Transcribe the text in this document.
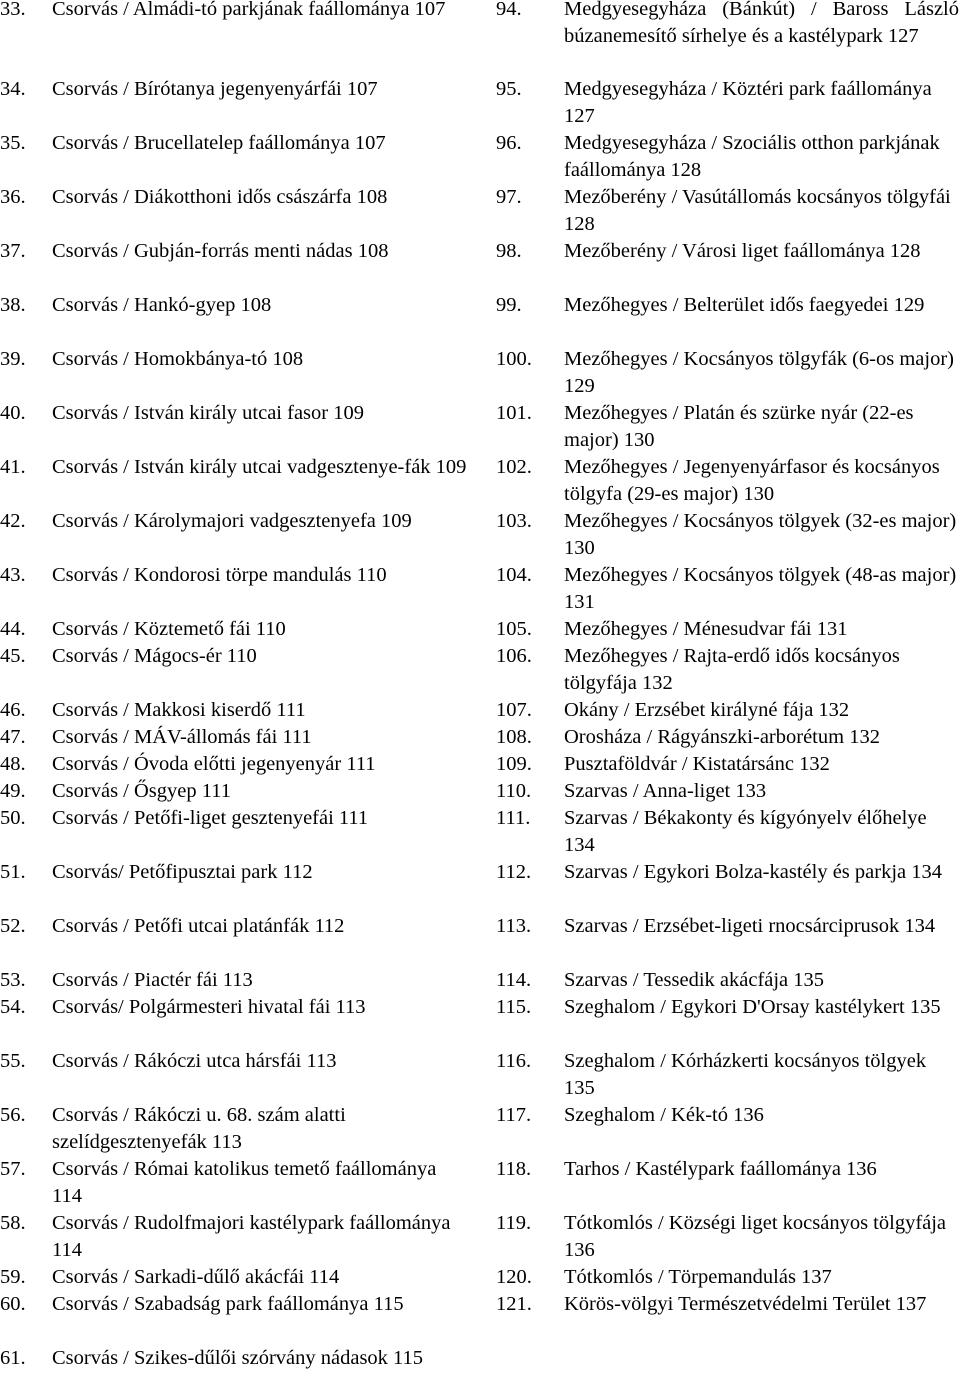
33. Csorvás / Almádi-tó parkjának faállománya 107
34. Csorvás / Bírótanya jegenyenyárfái 107
35. Csorvás / Brucellatelep faállománya 107
36. Csorvás / Diákotthoni idős császárfa 108
37. Csorvás / Gubján-forrás menti nádas 108
38. Csorvás / Hankó-gyep 108
39. Csorvás / Homokbánya-tó 108
40. Csorvás / István király utcai fasor 109
41. Csorvás / István király utcai vadgesztenye-fák 109
42. Csorvás / Károlymajori vadgesztenyefa 109
43. Csorvás / Kondorosi törpe mandulás 110
44. Csorvás / Köztemető fái 110
45. Csorvás / Mágocs-ér 110
46. Csorvás / Makkosi kiserdő 111
47. Csorvás / MÁV-állomás fái 111
48. Csorvás / Óvoda előtti jegenyenyár 111
49. Csorvás / Ősgyep 111
50. Csorvás / Petőfi-liget gesztenyefái 111
51. Csorvás/ Petőfipusztai park 112
52. Csorvás / Petőfi utcai platánfák 112
53. Csorvás / Piactér fái 113
54. Csorvás/ Polgármesteri hivatal fái 113
55. Csorvás / Rákóczi utca hársfái 113
56. Csorvás / Rákóczi u. 68. szám alatti szelídgesztenyefák 113
57. Csorvás / Római katolikus temető faállománya 114
58. Csorvás / Rudolfmajori kastélypark faállománya 114
59. Csorvás / Sarkadi-dűlő akácfái 114
60. Csorvás / Szabadság park faállománya 115
61. Csorvás / Szikes-dűlői szórvány nádasok 115
94. Medgyesegyháza (Bánkút) / Baross László búzanemesítő sírhelye és a kastélypark 127
95. Medgyesegyháza / Köztéri park faállománya 127
96. Medgyesegyháza / Szociális otthon parkjának faállománya 128
97. Mezőberény / Vasútállomás kocsányos tölgyfái 128
98. Mezőberény / Városi liget faállománya 128
99. Mezőhegyes / Belterület idős faegyedei 129
100. Mezőhegyes / Kocsányos tölgyfák (6-os major) 129
101. Mezőhegyes / Platán és szürke nyár (22-es major) 130
102. Mezőhegyes / Jegenyenyárfasor és kocsányos tölgyfa (29-es major) 130
103. Mezőhegyes / Kocsányos tölgyek (32-es major) 130
104. Mezőhegyes / Kocsányos tölgyek (48-as major) 131
105. Mezőhegyes / Ménesudvar fái 131
106. Mezőhegyes / Rajta-erdő idős kocsányos tölgyfája 132
107. Okány / Erzsébet királyné fája 132
108. Orosháza / Rágyánszki-arborétum 132
109. Pusztaföldvár / Kistatársánc 132
110. Szarvas / Anna-liget 133
111. Szarvas / Békakonty és kígyónyelv élőhelye 134
112. Szarvas / Egykori Bolza-kastély és parkja 134
113. Szarvas / Erzsébet-ligeti rnocsárciprusok 134
114. Szarvas / Tessedik akácfája 135
115. Szeghalom / Egykori D'Orsay kastélykert 135
116. Szeghalom / Kórházkerti kocsányos tölgyek 135
117. Szeghalom / Kék-tó 136
118. Tarhos / Kastélypark faállománya 136
119. Tótkomlós / Községi liget kocsányos tölgyfája 136
120. Tótkomlós / Törpemandulás 137
121. Körös-völgyi Természetvédelmi Terület 137
